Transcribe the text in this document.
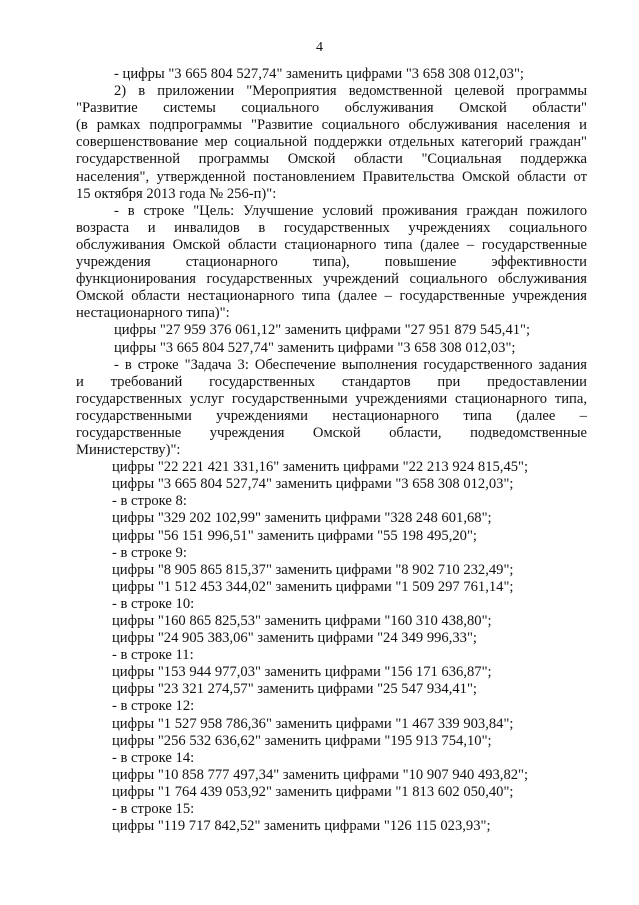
4
- цифры "3 665 804 527,74" заменить цифрами "3 658 308 012,03";
2) в приложении "Мероприятия ведомственной целевой программы
"Развитие системы социального обслуживания Омской области"
(в рамках подпрограммы "Развитие социального обслуживания населения и
совершенствование мер социальной поддержки отдельных категорий граждан"
государственной программы Омской области "Социальная поддержка
населения", утвержденной постановлением Правительства Омской области от
15 октября 2013 года № 256-п)":
- в строке "Цель: Улучшение условий проживания граждан пожилого
возраста и инвалидов в государственных учреждениях социального
обслуживания Омской области стационарного типа (далее – государственные
учреждения стационарного типа), повышение эффективности
функционирования государственных учреждений социального обслуживания
Омской области нестационарного типа (далее – государственные учреждения
нестационарного типа)":
цифры "27 959 376 061,12" заменить цифрами "27 951 879 545,41";
цифры "3 665 804 527,74" заменить цифрами "3 658 308 012,03";
- в строке "Задача 3: Обеспечение выполнения государственного задания
и требований государственных стандартов при предоставлении
государственных услуг государственными учреждениями стационарного типа,
государственными учреждениями нестационарного типа (далее –
государственные учреждения Омской области, подведомственные
Министерству)":
цифры "22 221 421 331,16" заменить цифрами "22 213 924 815,45";
цифры "3 665 804 527,74" заменить цифрами "3 658 308 012,03";
- в строке 8:
цифры "329 202 102,99" заменить цифрами "328 248 601,68";
цифры "56 151 996,51" заменить цифрами "55 198 495,20";
- в строке 9:
цифры "8 905 865 815,37" заменить цифрами "8 902 710 232,49";
цифры "1 512 453 344,02" заменить цифрами "1 509 297 761,14";
- в строке 10:
цифры "160 865 825,53" заменить цифрами "160 310 438,80";
цифры "24 905 383,06" заменить цифрами "24 349 996,33";
- в строке 11:
цифры "153 944 977,03" заменить цифрами "156 171 636,87";
цифры "23 321 274,57" заменить цифрами "25 547 934,41";
- в строке 12:
цифры "1 527 958 786,36" заменить цифрами "1 467 339 903,84";
цифры "256 532 636,62" заменить цифрами "195 913 754,10";
- в строке 14:
цифры "10 858 777 497,34" заменить цифрами "10 907 940 493,82";
цифры "1 764 439 053,92" заменить цифрами "1 813 602 050,40";
- в строке 15:
цифры "119 717 842,52" заменить цифрами "126 115 023,93";
